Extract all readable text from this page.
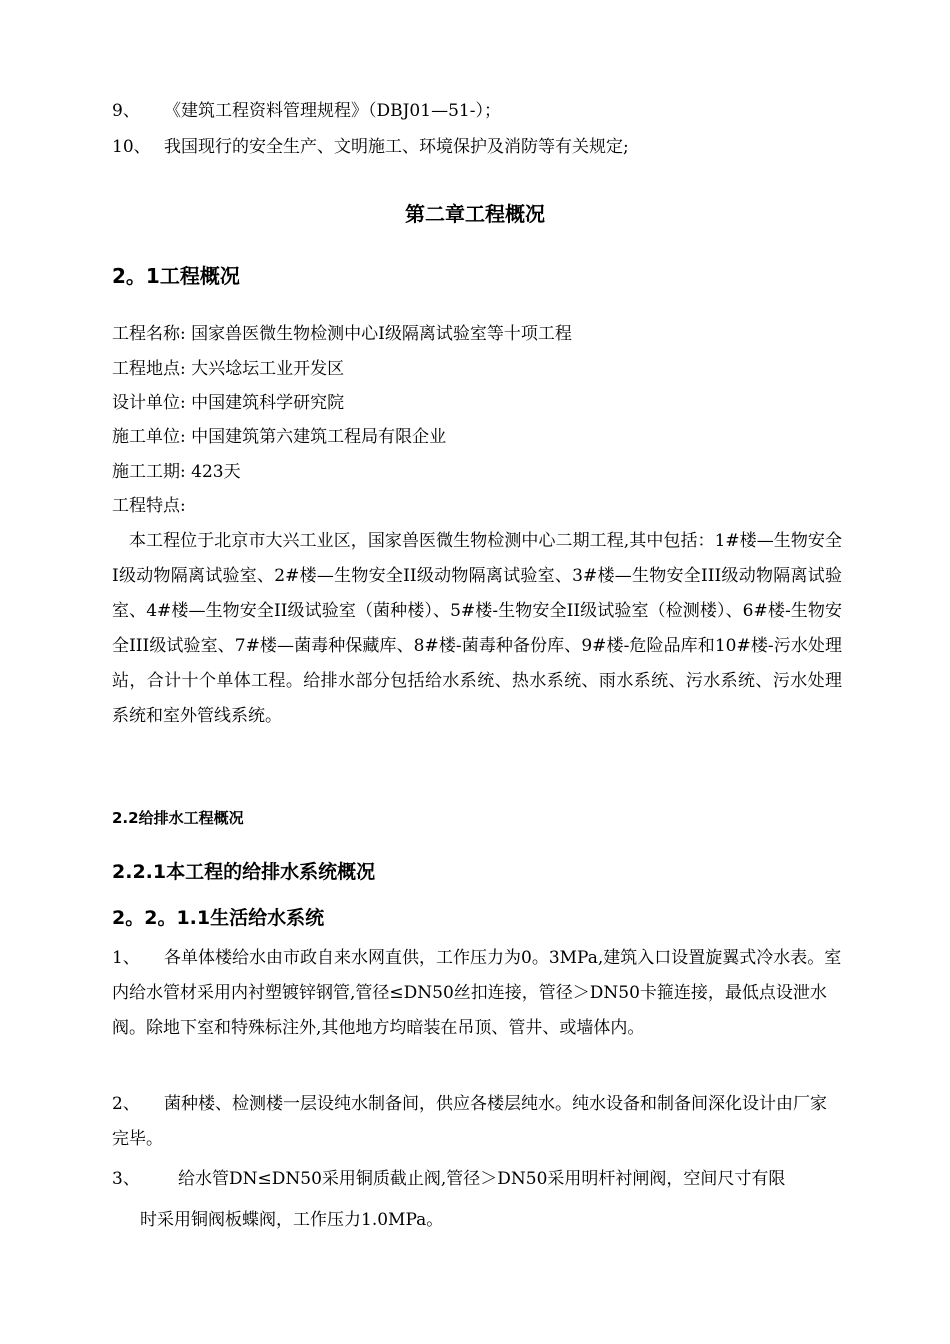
9、 《建筑工程资料管理规程》（DBJ01—51-）；
10、 我国现行的安全生产、文明施工、环境保护及消防等有关规定;
第二章工程概况
2。1工程概况
工程名称: 国家兽医微生物检测中心Ⅰ级隔离试验室等十项工程
工程地点: 大兴埝坛工业开发区
设计单位: 中国建筑科学研究院
施工单位: 中国建筑第六建筑工程局有限企业
施工工期: 423天
工程特点:

本工程位于北京市大兴工业区，国家兽医微生物检测中心二期工程,其中包括：1#楼—生物安全Ⅰ级动物隔离试验室、2#楼—生物安全II级动物隔离试验室、3#楼—生物安全III级动物隔离试验室、4#楼—生物安全II级试验室（菌种楼）、5#楼-生物安全II级试验室（检测楼）、6#楼-生物安全III级试验室、7#楼—菌毒种保藏库、8#楼-菌毒种备份库、9#楼-危险品库和10#楼-污水处理站，合计十个单体工程。给排水部分包括给水系统、热水系统、雨水系统、污水系统、污水处理系统和室外管线系统。

2.2给排水工程概况
2.2.1本工程的给排水系统概况
2。2。1.1生活给水系统
1、 各单体楼给水由市政自来水网直供，工作压力为0。3MPa,建筑入口设置旋翼式冷水表。室内给水管材采用内衬塑镀锌钢管,管径≤DN50丝扣连接，管径＞DN50卡箍连接，最低点设泄水阀。除地下室和特殊标注外,其他地方均暗装在吊顶、管井、或墙体内。
2、 菌种楼、检测楼一层设纯水制备间，供应各楼层纯水。纯水设备和制备间深化设计由厂家完毕。
3、 给水管DN≤DN50采用铜质截止阀,管径＞DN50采用明杆衬闸阀，空间尺寸有限
时采用铜阀板蝶阀，工作压力1.0MPa。
